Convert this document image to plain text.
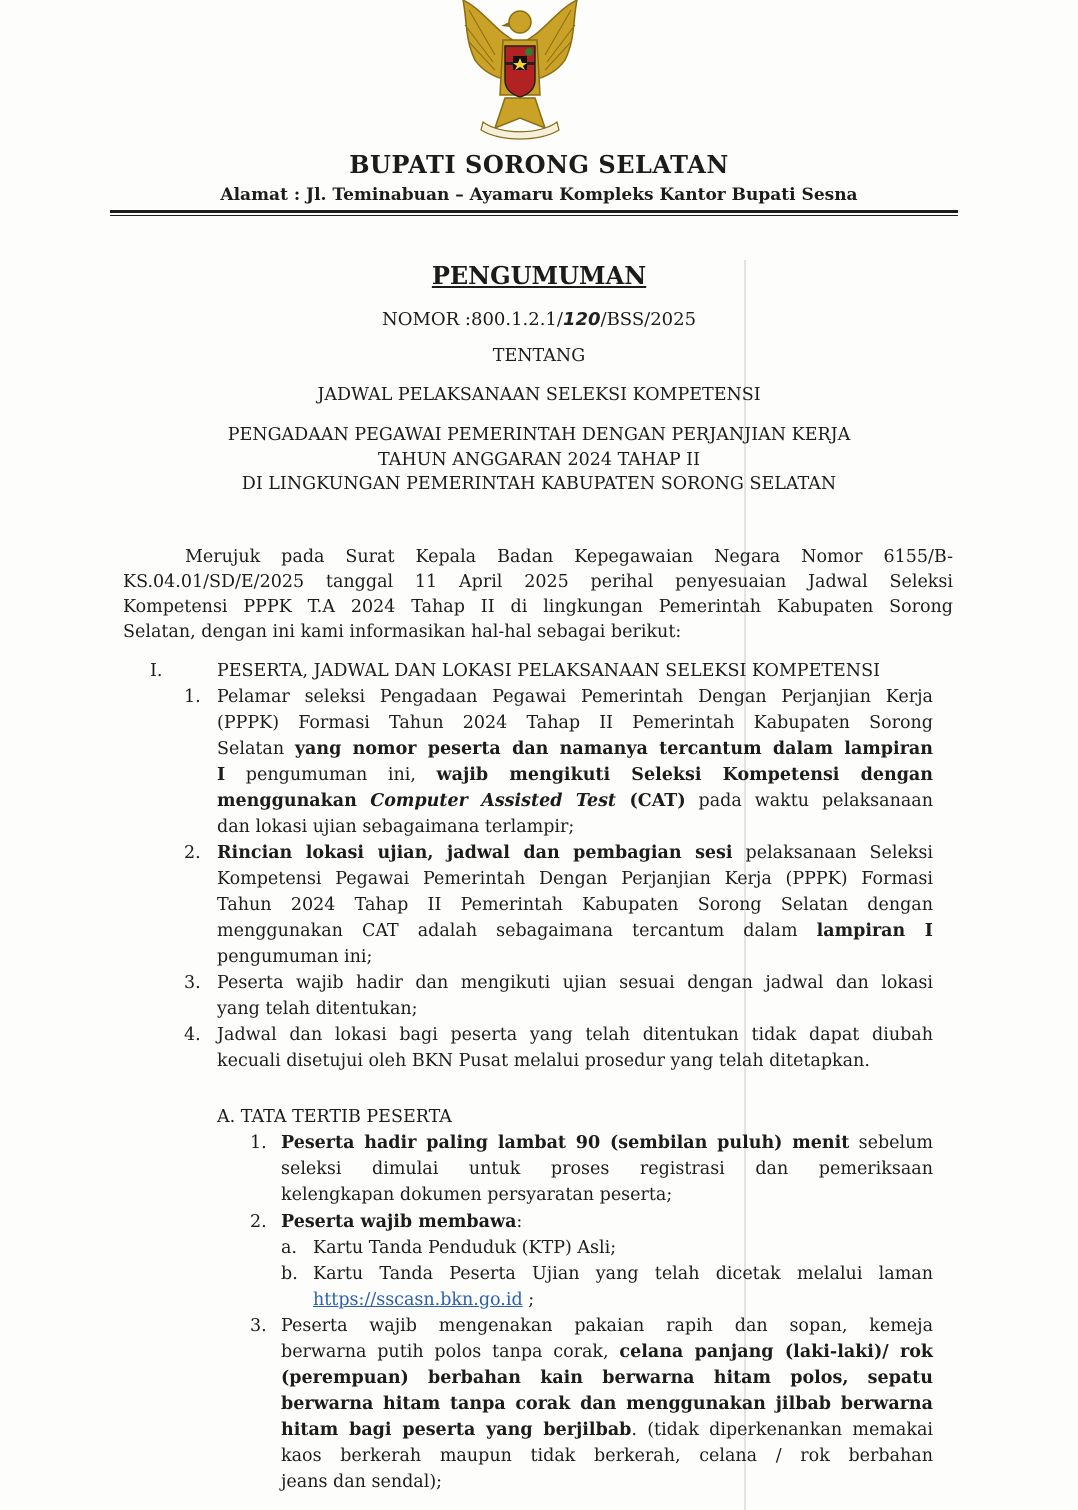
BUPATI SORONG SELATAN
Alamat : Jl. Teminabuan – Ayamaru Kompleks Kantor Bupati Sesna
PENGUMUMAN
NOMOR :800.1.2.1/120/BSS/2025
TENTANG
JADWAL PELAKSANAAN SELEKSI KOMPETENSI
PENGADAAN PEGAWAI PEMERINTAH DENGAN PERJANJIAN KERJA
TAHUN ANGGARAN 2024 TAHAP II
DI LINGKUNGAN PEMERINTAH KABUPATEN SORONG SELATAN
Merujuk pada Surat Kepala Badan Kepegawaian Negara Nomor 6155/B-
KS.04.01/SD/E/2025 tanggal 11 April 2025 perihal penyesuaian Jadwal Seleksi
Kompetensi PPPK T.A 2024 Tahap II di lingkungan Pemerintah Kabupaten Sorong
Selatan, dengan ini kami informasikan hal-hal sebagai berikut:
I.	PESERTA, JADWAL DAN LOKASI PELAKSANAAN SELEKSI KOMPETENSI
1. Pelamar seleksi Pengadaan Pegawai Pemerintah Dengan Perjanjian Kerja
(PPPK) Formasi Tahun 2024 Tahap II Pemerintah Kabupaten Sorong
Selatan yang nomor peserta dan namanya tercantum dalam lampiran
I pengumuman ini, wajib mengikuti Seleksi Kompetensi dengan
menggunakan Computer Assisted Test (CAT) pada waktu pelaksanaan
dan lokasi ujian sebagaimana terlampir;
2. Rincian lokasi ujian, jadwal dan pembagian sesi pelaksanaan Seleksi
Kompetensi Pegawai Pemerintah Dengan Perjanjian Kerja (PPPK) Formasi
Tahun 2024 Tahap II Pemerintah Kabupaten Sorong Selatan dengan
menggunakan CAT adalah sebagaimana tercantum dalam lampiran I
pengumuman ini;
3. Peserta wajib hadir dan mengikuti ujian sesuai dengan jadwal dan lokasi
yang telah ditentukan;
4. Jadwal dan lokasi bagi peserta yang telah ditentukan tidak dapat diubah
kecuali disetujui oleh BKN Pusat melalui prosedur yang telah ditetapkan.
A. TATA TERTIB PESERTA
1. Peserta hadir paling lambat 90 (sembilan puluh) menit sebelum
seleksi dimulai untuk proses registrasi dan pemeriksaan
kelengkapan dokumen persyaratan peserta;
2. Peserta wajib membawa:
a. Kartu Tanda Penduduk (KTP) Asli;
b. Kartu Tanda Peserta Ujian yang telah dicetak melalui laman
https://sscasn.bkn.go.id ;
3. Peserta wajib mengenakan pakaian rapih dan sopan, kemeja
berwarna putih polos tanpa corak, celana panjang (laki-laki)/ rok
(perempuan) berbahan kain berwarna hitam polos, sepatu
berwarna hitam tanpa corak dan menggunakan jilbab berwarna
hitam bagi peserta yang berjilbab. (tidak diperkenankan memakai
kaos berkerah maupun tidak berkerah, celana / rok berbahan
jeans dan sendal);
